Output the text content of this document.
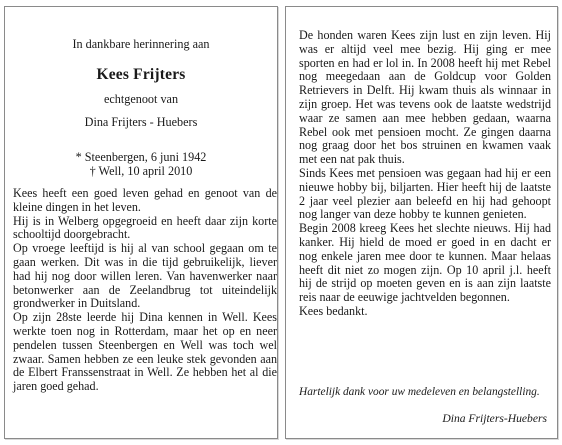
In dankbare herinnering aan
Kees Frijters
echtgenoot van
Dina Frijters - Huebers
* Steenbergen, 6 juni 1942
† Well, 10 april 2010

Kees heeft een goed leven gehad en genoot van de kleine dingen in het leven.

Hij is in Welberg opgegroeid en heeft daar zijn korte schooltijd doorgebracht.

Op vroege leeftijd is hij al van school gegaan om te gaan werken. Dit was in die tijd gebruikelijk, liever had hij nog door willen leren. Van havenwerker naar betonwerker aan de Zeelandbrug tot uiteindelijk grondwerker in Duitsland.

Op zijn 28ste leerde hij Dina kennen in Well. Kees werkte toen nog in Rotterdam, maar het op en neer pendelen tussen Steenbergen en Well was toch wel zwaar. Samen hebben ze een leuke stek gevonden aan de Elbert Franssenstraat in Well. Ze hebben het al die jaren goed gehad.

De honden waren Kees zijn lust en zijn leven. Hij was er altijd veel mee bezig. Hij ging er mee sporten en had er lol in. In 2008 heeft hij met Rebel nog meegedaan aan de Goldcup voor Golden Retrievers in Delft. Hij kwam thuis als winnaar in zijn groep. Het was tevens ook de laatste wedstrijd waar ze samen aan mee hebben gedaan, waarna Rebel ook met pensioen mocht. Ze gingen daarna nog graag door het bos struinen en kwamen vaak met een nat pak thuis.

Sinds Kees met pensioen was gegaan had hij er een nieuwe hobby bij, biljarten. Hier heeft hij de laatste 2 jaar veel plezier aan beleefd en hij had gehoopt nog langer van deze hobby te kunnen genieten.

Begin 2008 kreeg Kees het slechte nieuws. Hij had kanker. Hij hield de moed er goed in en dacht er nog enkele jaren mee door te kunnen. Maar helaas heeft dit niet zo mogen zijn. Op 10 april j.l. heeft hij de strijd op moeten geven en is aan zijn laatste reis naar de eeuwige jachtvelden begonnen.

Kees bedankt.

Hartelijk dank voor uw medeleven en belangstelling.
Dina Frijters-Huebers
